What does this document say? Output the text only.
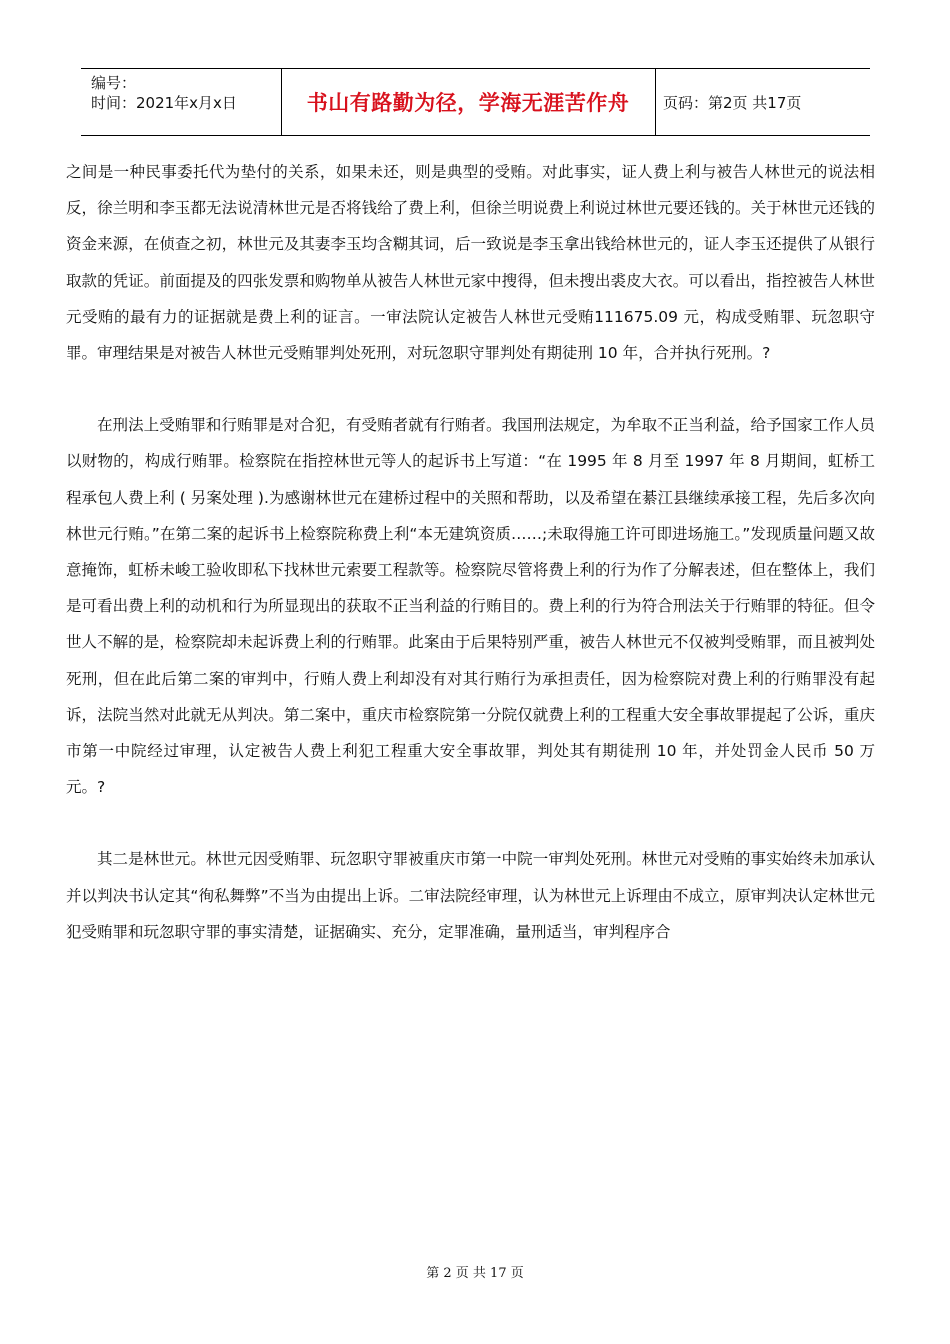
编号：
时间：2021年x月x日	书山有路勤为径，学海无涯苦作舟	页码：第2页 共17页

之间是一种民事委托代为垫付的关系，如果未还，则是典型的受贿。对此事实，证人费上利与被告人林世元的说法相反，徐兰明和李玉都无法说清林世元是否将钱给了费上利，但徐兰明说费上利说过林世元要还钱的。关于林世元还钱的资金来源，在侦查之初，林世元及其妻李玉均含糊其词，后一致说是李玉拿出钱给林世元的，证人李玉还提供了从银行取款的凭证。前面提及的四张发票和购物单从被告人林世元家中搜得，但未搜出裘皮大衣。可以看出，指控被告人林世元受贿的最有力的证据就是费上利的证言。一审法院认定被告人林世元受贿111675.09 元，构成受贿罪、玩忽职守罪。审理结果是对被告人林世元受贿罪判处死刑，对玩忽职守罪判处有期徒刑 10 年，合并执行死刑。?

在刑法上受贿罪和行贿罪是对合犯，有受贿者就有行贿者。我国刑法规定，为牟取不正当利益，给予国家工作人员以财物的，构成行贿罪。检察院在指控林世元等人的起诉书上写道：“在 1995 年 8 月至 1997 年 8 月期间，虹桥工程承包人费上利 ( 另案处理 ).为感谢林世元在建桥过程中的关照和帮助，以及希望在綦江县继续承接工程，先后多次向林世元行贿。”在第二案的起诉书上检察院称费上利“本无建筑资质……;未取得施工许可即进场施工。”发现质量问题又故意掩饰，虹桥未峻工验收即私下找林世元索要工程款等。检察院尽管将费上利的行为作了分解表述，但在整体上，我们是可看出费上利的动机和行为所显现出的获取不正当利益的行贿目的。费上利的行为符合刑法关于行贿罪的特征。但令世人不解的是，检察院却未起诉费上利的行贿罪。此案由于后果特别严重，被告人林世元不仅被判受贿罪，而且被判处死刑，但在此后第二案的审判中，行贿人费上利却没有对其行贿行为承担责任，因为检察院对费上利的行贿罪没有起诉，法院当然对此就无从判决。第二案中，重庆市检察院第一分院仅就费上利的工程重大安全事故罪提起了公诉，重庆市第一中院经过审理，认定被告人费上利犯工程重大安全事故罪，判处其有期徒刑 10 年，并处罚金人民币 50 万元。?

其二是林世元。林世元因受贿罪、玩忽职守罪被重庆市第一中院一审判处死刑。林世元对受贿的事实始终未加承认并以判决书认定其“徇私舞弊”不当为由提出上诉。二审法院经审理，认为林世元上诉理由不成立，原审判决认定林世元犯受贿罪和玩忽职守罪的事实清楚，证据确实、充分，定罪准确，量刑适当，审判程序合

第 2 页 共 17 页
